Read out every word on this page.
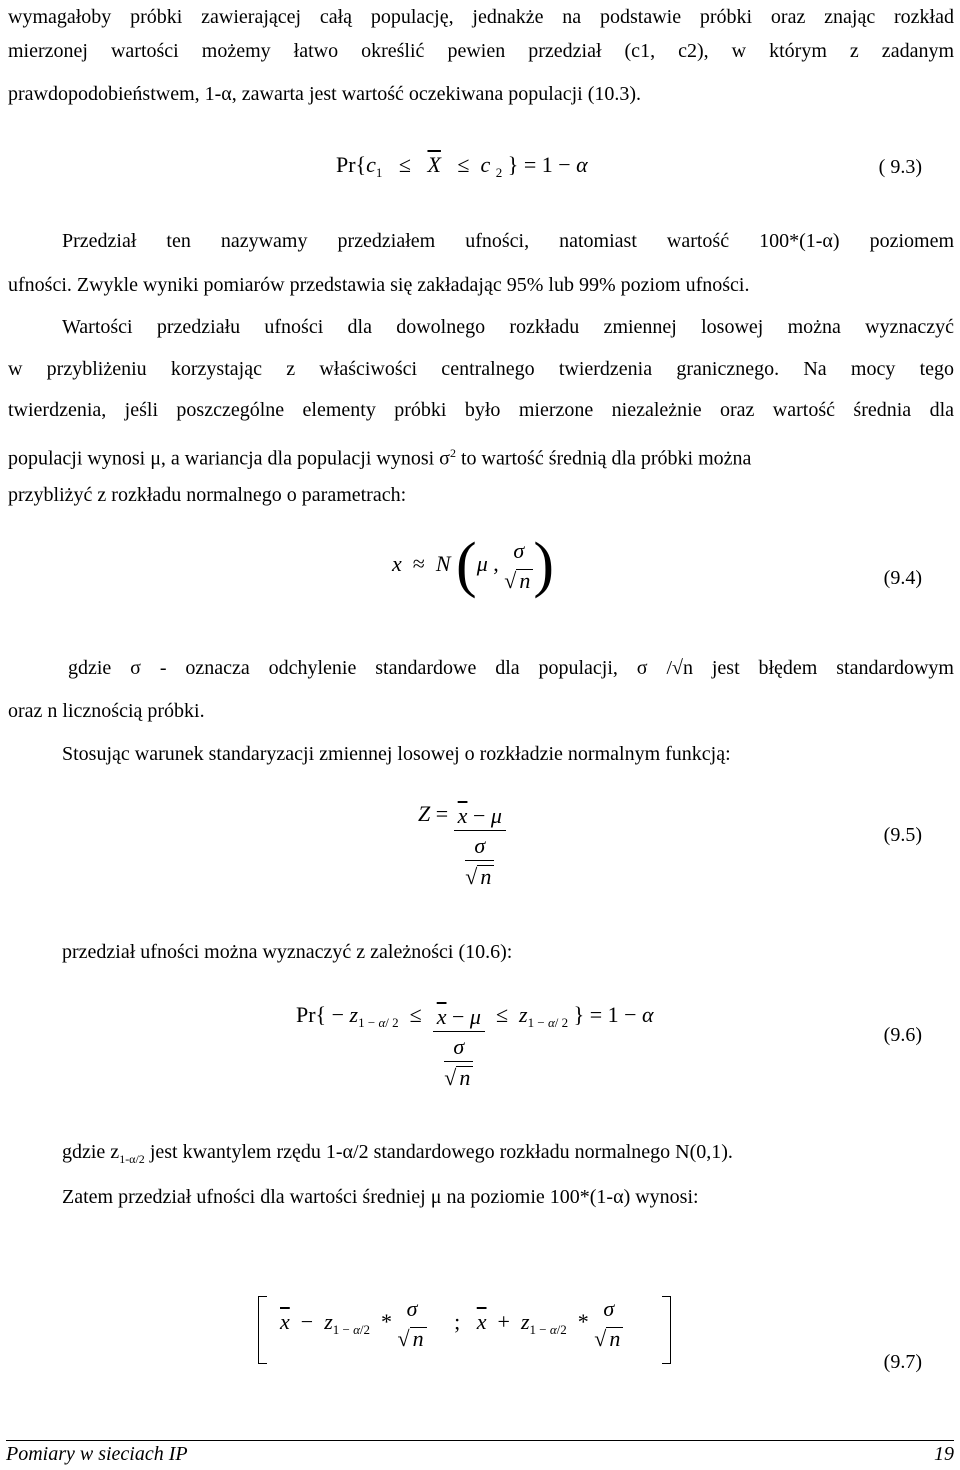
wymagałoby próbki zawierającej całą populację, jednakże na podstawie próbki oraz znając rozkład

mierzonej wartości możemy łatwo określić pewien przedział (c1, c2), w którym z zadanym

prawdopodobieństwem, 1-α, zawarta jest wartość oczekiwana populacji (10.3).

$Pr\{c_1 \le \overline{X} \le c$ $_2$ } = 1 − α	( 9.3)

Przedział ten nazywamy przedziałem ufności, natomiast wartość 100*(1-α) poziomem

ufności. Zwykle wyniki pomiarów przedstawia się zakładając 95% lub 99% poziom ufności.

Wartości przedziału ufności dla dowolnego rozkładu zmiennej losowej można wyznaczyć

w przybliżeniu korzystając z właściwości centralnego twierdzenia granicznego. Na mocy tego

twierdzenia, jeśli poszczególne elementy próbki było mierzone niezależnie oraz wartość średnia dla

populacji wynosi μ, a wariancja dla populacji wynosi $\sigma^2$ to wartość średnią dla próbki można

przybliżyć z rozkładu normalnego o parametrach:

x  ≈  N (μ ,
σ
√ n )	(9.4)

gdzie σ - oznacza odchylenie standardowe dla populacji, σ /√n jest błędem standardowym

oraz n licznością próbki.

Stosując warunek standaryzacji zmiennej losowej o rozkładzie normalnym funkcją:

$Z = \frac{\overline{x} - \mu}{\frac{\sigma}{√ n}}$	(9.5)

przedział ufności można wyznaczyć z zależności (10.6):

$Pr\{ - z_{1 - \alpha/ 2} \le \frac{\overline{x} - \mu}{\frac{\sigma}{√ n}} \le z_{1 - \alpha/ 2}$ } = 1 − α
(9.6)

gdzie $z_{1-\alpha/2}$ jest kwantylem rzędu 1-α/2 standardowego rozkładu normalnego N(0,1).

Zatem przedział ufności dla wartości średniej μ na poziomie 100*(1-α) wynosi:

$\overline{x} - z_{1 - \alpha/2}$  *
σ
√ n
;   $\overline{x} + z_{1 - \alpha/2}$  *
σ
√ n
(9.7)
Pomiary w sieciach IP	19
